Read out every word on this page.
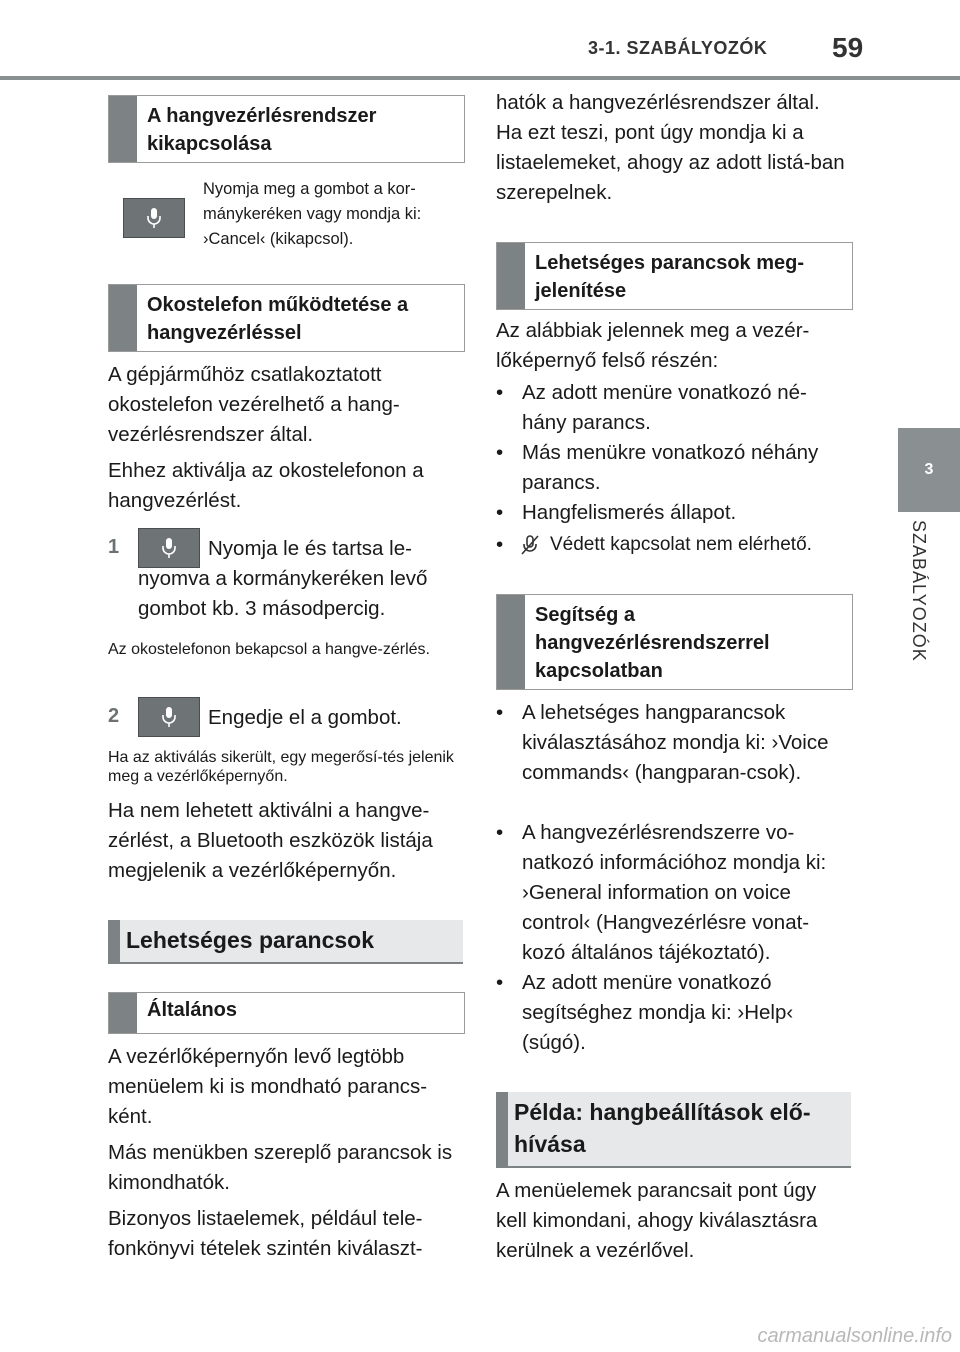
3-1. SZABÁLYOZÓK 59
3
SZABÁLYOZÓK
A hangvezérlésrendszer kikapcsolása
Nyomja meg a gombot a kor-mánykeréken vagy mondja ki: ›Cancel‹ (kikapcsol).
Okostelefon működtetése a hangvezérléssel
A gépjárműhöz csatlakoztatott okostelefon vezérelhető a hang-vezérlésrendszer által.
Ehhez aktiválja az okostelefonon a hangvezérlést.
1	Nyomja le és tartsa le-nyomva a kormánykeréken levő gombot kb. 3 másodpercig.
Az okostelefonon bekapcsol a hangve-zérlés.
2	Engedje el a gombot.
Ha az aktiválás sikerült, egy megerősí-tés jelenik meg a vezérlőképernyőn.
Ha nem lehetett aktiválni a hangve-zérlést, a Bluetooth eszközök listája megjelenik a vezérlőképernyőn.
Lehetséges parancsok
Általános
A vezérlőképernyőn levő legtöbb menüelem ki is mondható parancs-ként.
Más menükben szereplő parancsok is kimondhatók.
Bizonyos listaelemek, például tele-fonkönyvi tételek szintén kiválaszt-
hatók a hangvezérlésrendszer által. Ha ezt teszi, pont úgy mondja ki a listaelemeket, ahogy az adott listá-ban szerepelnek.
Lehetséges parancsok meg-jelenítése
Az alábbiak jelennek meg a vezér-lőképernyő felső részén:
• Az adott menüre vonatkozó né-hány parancs.
• Más menükre vonatkozó néhány parancs.
• Hangfelismerés állapot.
• Védett kapcsolat nem elérhető.
Segítség a hangvezérlésrendszerrel kapcsolatban
• A lehetséges hangparancsok kiválasztásához mondja ki: ›Voice commands‹ (hangparan-csok).
• A hangvezérlésrendszerre vo-natkozó információhoz mondja ki: ›General information on voice control‹ (Hangvezérlésre vonat-kozó általános tájékoztató).
• Az adott menüre vonatkozó segítséghez mondja ki: ›Help‹ (súgó).
Példa: hangbeállítások elő-hívása
A menüelemek parancsait pont úgy kell kimondani, ahogy kiválasztásra kerülnek a vezérlővel.
carmanualsonline.info
